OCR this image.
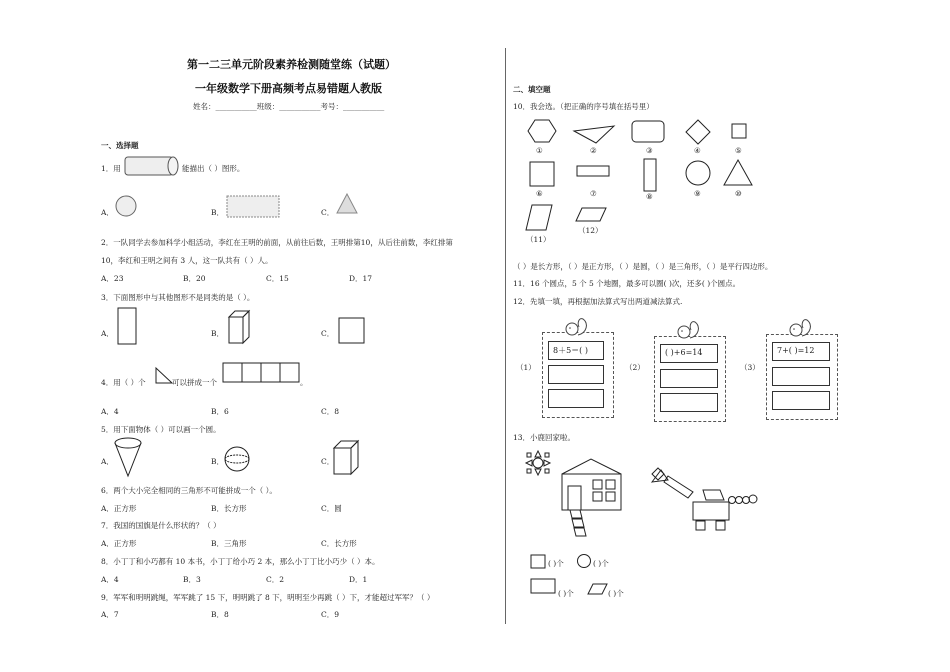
第一二三单元阶段素养检测随堂练（试题）
一年级数学下册高频考点易错题人教版
姓名：___________班级：___________考号：___________
一、选择题
1．用	能描出（ ）图形。
A．	B．	C．
2．一队同学去参加科学小组活动，李红在王明的前面，从前往后数，王明排第10，从后往前数，李红排第
10，李红和王明之间有 3 人，这一队共有（ ）人。
A．23	B．20	C．15	D．17
3．下面图形中与其他图形不是同类的是（ ）。
A．	B．	C．
4．用（ ）个	可以拼成一个	。
A．4	B．6	C．8
5．用下面物体（ ）可以画一个圆。
A．	B．	C．
6．两个大小完全相同的三角形不可能拼成一个（ ）。
A．正方形	B．长方形	C．圆
7．我国的国旗是什么形状的？（ ）
A．正方形	B．三角形	C．长方形
8．小丁丁和小巧都有 10 本书，小丁丁给小巧 2 本，那么小丁丁比小巧少（ ）本。
A．4	B．3	C．2	D．1
9．军军和明明跳绳，军军跳了 15 下，明明跳了 8 下，明明至少再跳（ ）下，才能超过军军？（ ）
A．7	B．8	C．9
二、填空题
10．我会选。（把正确的序号填在括号里）
①	②	③	④	⑤
⑥	⑦	⑧	⑨	⑩
（11）
（12）
（ ）是长方形，（ ）是正方形，（ ）是圆，（ ）是三角形，（ ）是平行四边形。
11．16 个圆点，5 个 5 个地圈，最多可以圈( )次，还多( )个圆点。
12．先填一填，再根据加法算式写出两道减法算式.
（1）
8＋5＝( )
（2）
( )+6=14
（3）
7+( )=12
13．小鹿回家啦。
( )个	( )个
( )个	( )个
